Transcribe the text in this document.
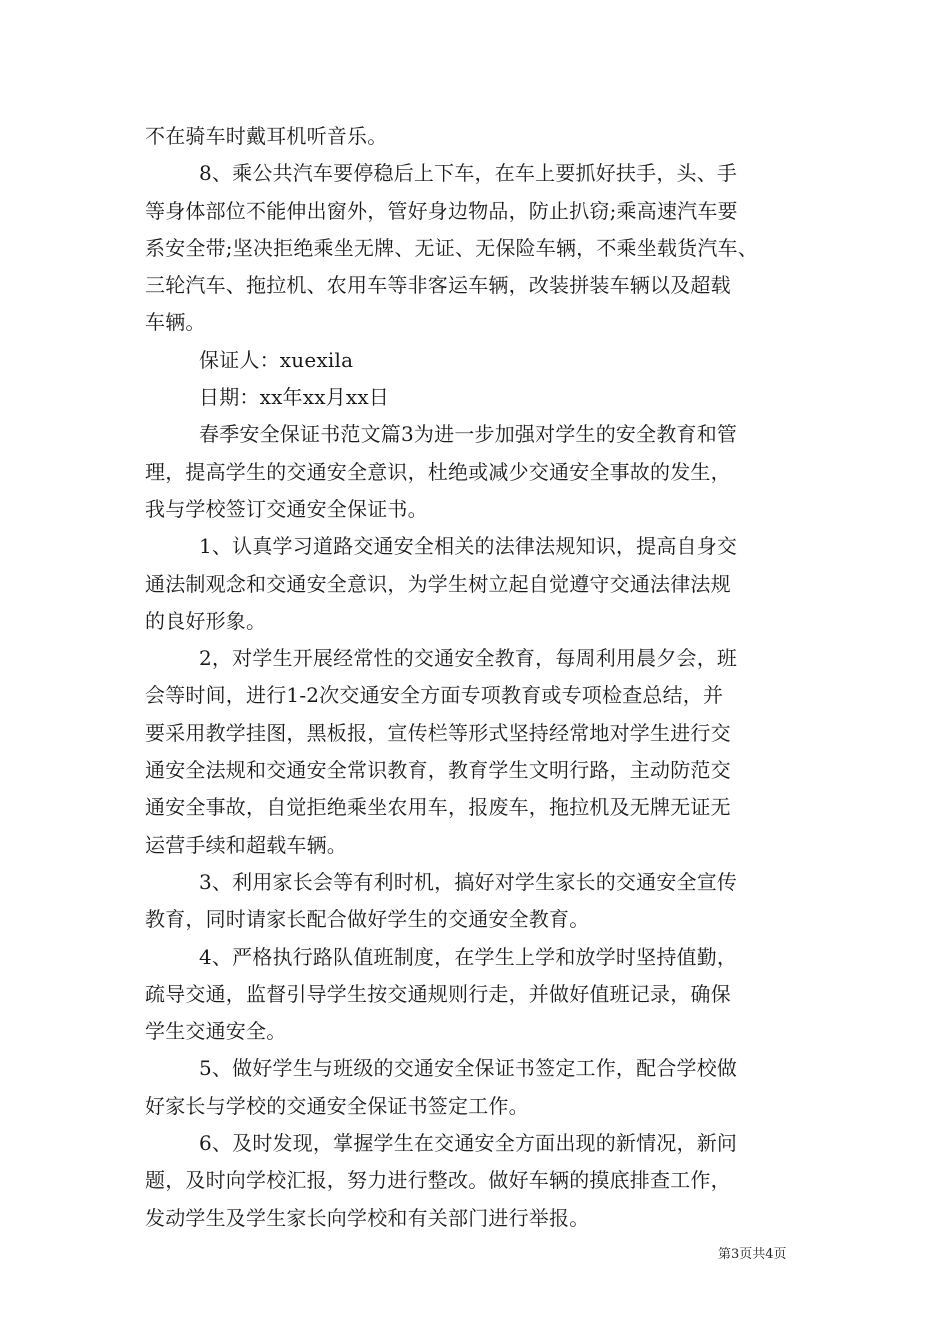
不在骑车时戴耳机听音乐。
8、乘公共汽车要停稳后上下车，在车上要抓好扶手，头、手
等身体部位不能伸出窗外，管好身边物品，防止扒窃;乘高速汽车要
系安全带;坚决拒绝乘坐无牌、无证、无保险车辆，不乘坐载货汽车、
三轮汽车、拖拉机、农用车等非客运车辆，改装拼装车辆以及超载
车辆。
保证人：xuexila
日期：xx年xx月xx日
春季安全保证书范文篇3为进一步加强对学生的安全教育和管
理，提高学生的交通安全意识，杜绝或减少交通安全事故的发生，
我与学校签订交通安全保证书。
1、认真学习道路交通安全相关的法律法规知识，提高自身交
通法制观念和交通安全意识，为学生树立起自觉遵守交通法律法规
的良好形象。
2，对学生开展经常性的交通安全教育，每周利用晨夕会，班
会等时间，进行1-2次交通安全方面专项教育或专项检查总结，并
要采用教学挂图，黑板报，宣传栏等形式坚持经常地对学生进行交
通安全法规和交通安全常识教育，教育学生文明行路，主动防范交
通安全事故，自觉拒绝乘坐农用车，报废车，拖拉机及无牌无证无
运营手续和超载车辆。
3、利用家长会等有利时机，搞好对学生家长的交通安全宣传
教育，同时请家长配合做好学生的交通安全教育。
4、严格执行路队值班制度，在学生上学和放学时坚持值勤，
疏导交通，监督引导学生按交通规则行走，并做好值班记录，确保
学生交通安全。
5、做好学生与班级的交通安全保证书签定工作，配合学校做
好家长与学校的交通安全保证书签定工作。
6、及时发现，掌握学生在交通安全方面出现的新情况，新问
题，及时向学校汇报，努力进行整改。做好车辆的摸底排查工作，
发动学生及学生家长向学校和有关部门进行举报。
第3页共4页
